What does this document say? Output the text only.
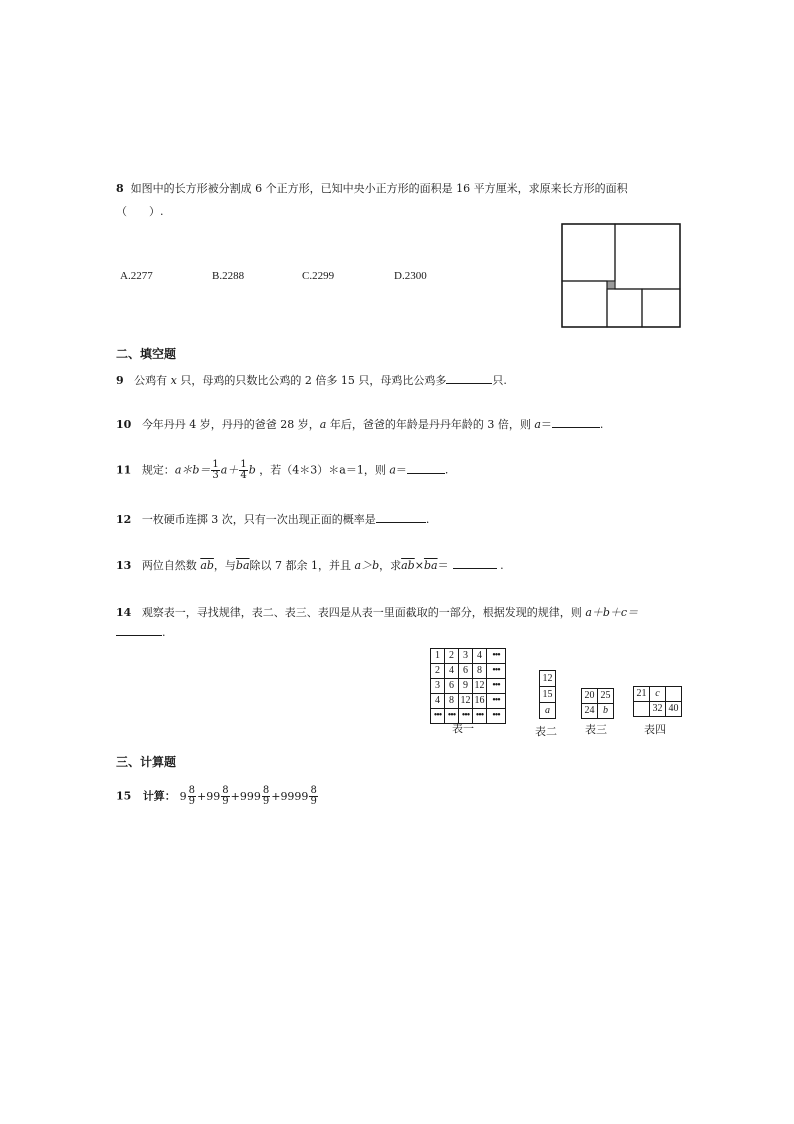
8 如图中的长方形被分割成 6 个正方形，已知中央小正方形的面积是 16 平方厘米，求原来长方形的面积
（　　）.
A.2277	B.2288	C.2299	D.2300
二、填空题
9 公鸡有 x 只，母鸡的只数比公鸡的 2 倍多 15 只，母鸡比公鸡多	只.
10 今年丹丹 4 岁，丹丹的爸爸 28 岁，a 年后，爸爸的年龄是丹丹年龄的 3 倍，则 a＝	.
11 规定：a＊b＝ $\frac{1}{3} a+ \frac{1}{4}$ b ，若（4＊3）＊a＝1，则 a＝	.
12 一枚硬币连掷 3 次，只有一次出现正面的概率是	.
13 两位自然数 $\overline{ab}$，与$\overline{ba}$除以 7 都余 1，并且 a＞b，求$\overline{ab}\times\overline{ba}=$	.
14 观察表一，寻找规律，表二、表三、表四是从表一里面截取的一部分，根据发现的规律，则 a＋b＋c＝
.
1	2	3	4	•••
2	4	6	8	•••
3	6	9	12	•••
4	8	12	16	•••
•••	•••	•••	•••	•••
表一
12
15
a
表二
20	25
24	b
表三
21	c	
	32	40
表四
三、计算题
15 计算： $9 \frac{8}{9} +99 \frac{8}{9} +999 \frac{8}{9} +9999 \frac{8}{9}$
